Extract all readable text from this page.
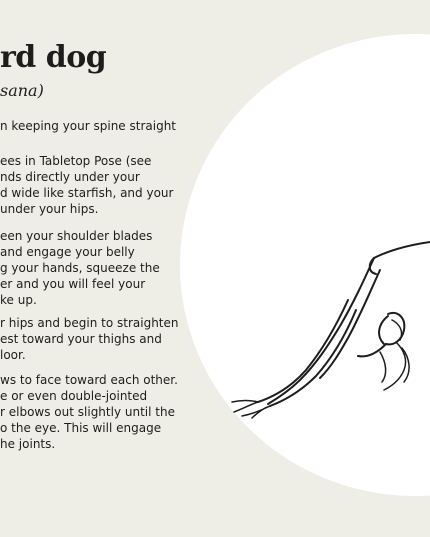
rd dog
sana)
n keeping your spine straight
ees in Tabletop Pose (see
nds directly under your
d wide like starfish, and your
under your hips.
een your shoulder blades
and engage your belly
g your hands, squeeze the
er and you will feel your
ke up.
r hips and begin to straighten
est toward your thighs and
loor.
ws to face toward each other.
e or even double-jointed
r elbows out slightly until the
o the eye. This will engage
he joints.
